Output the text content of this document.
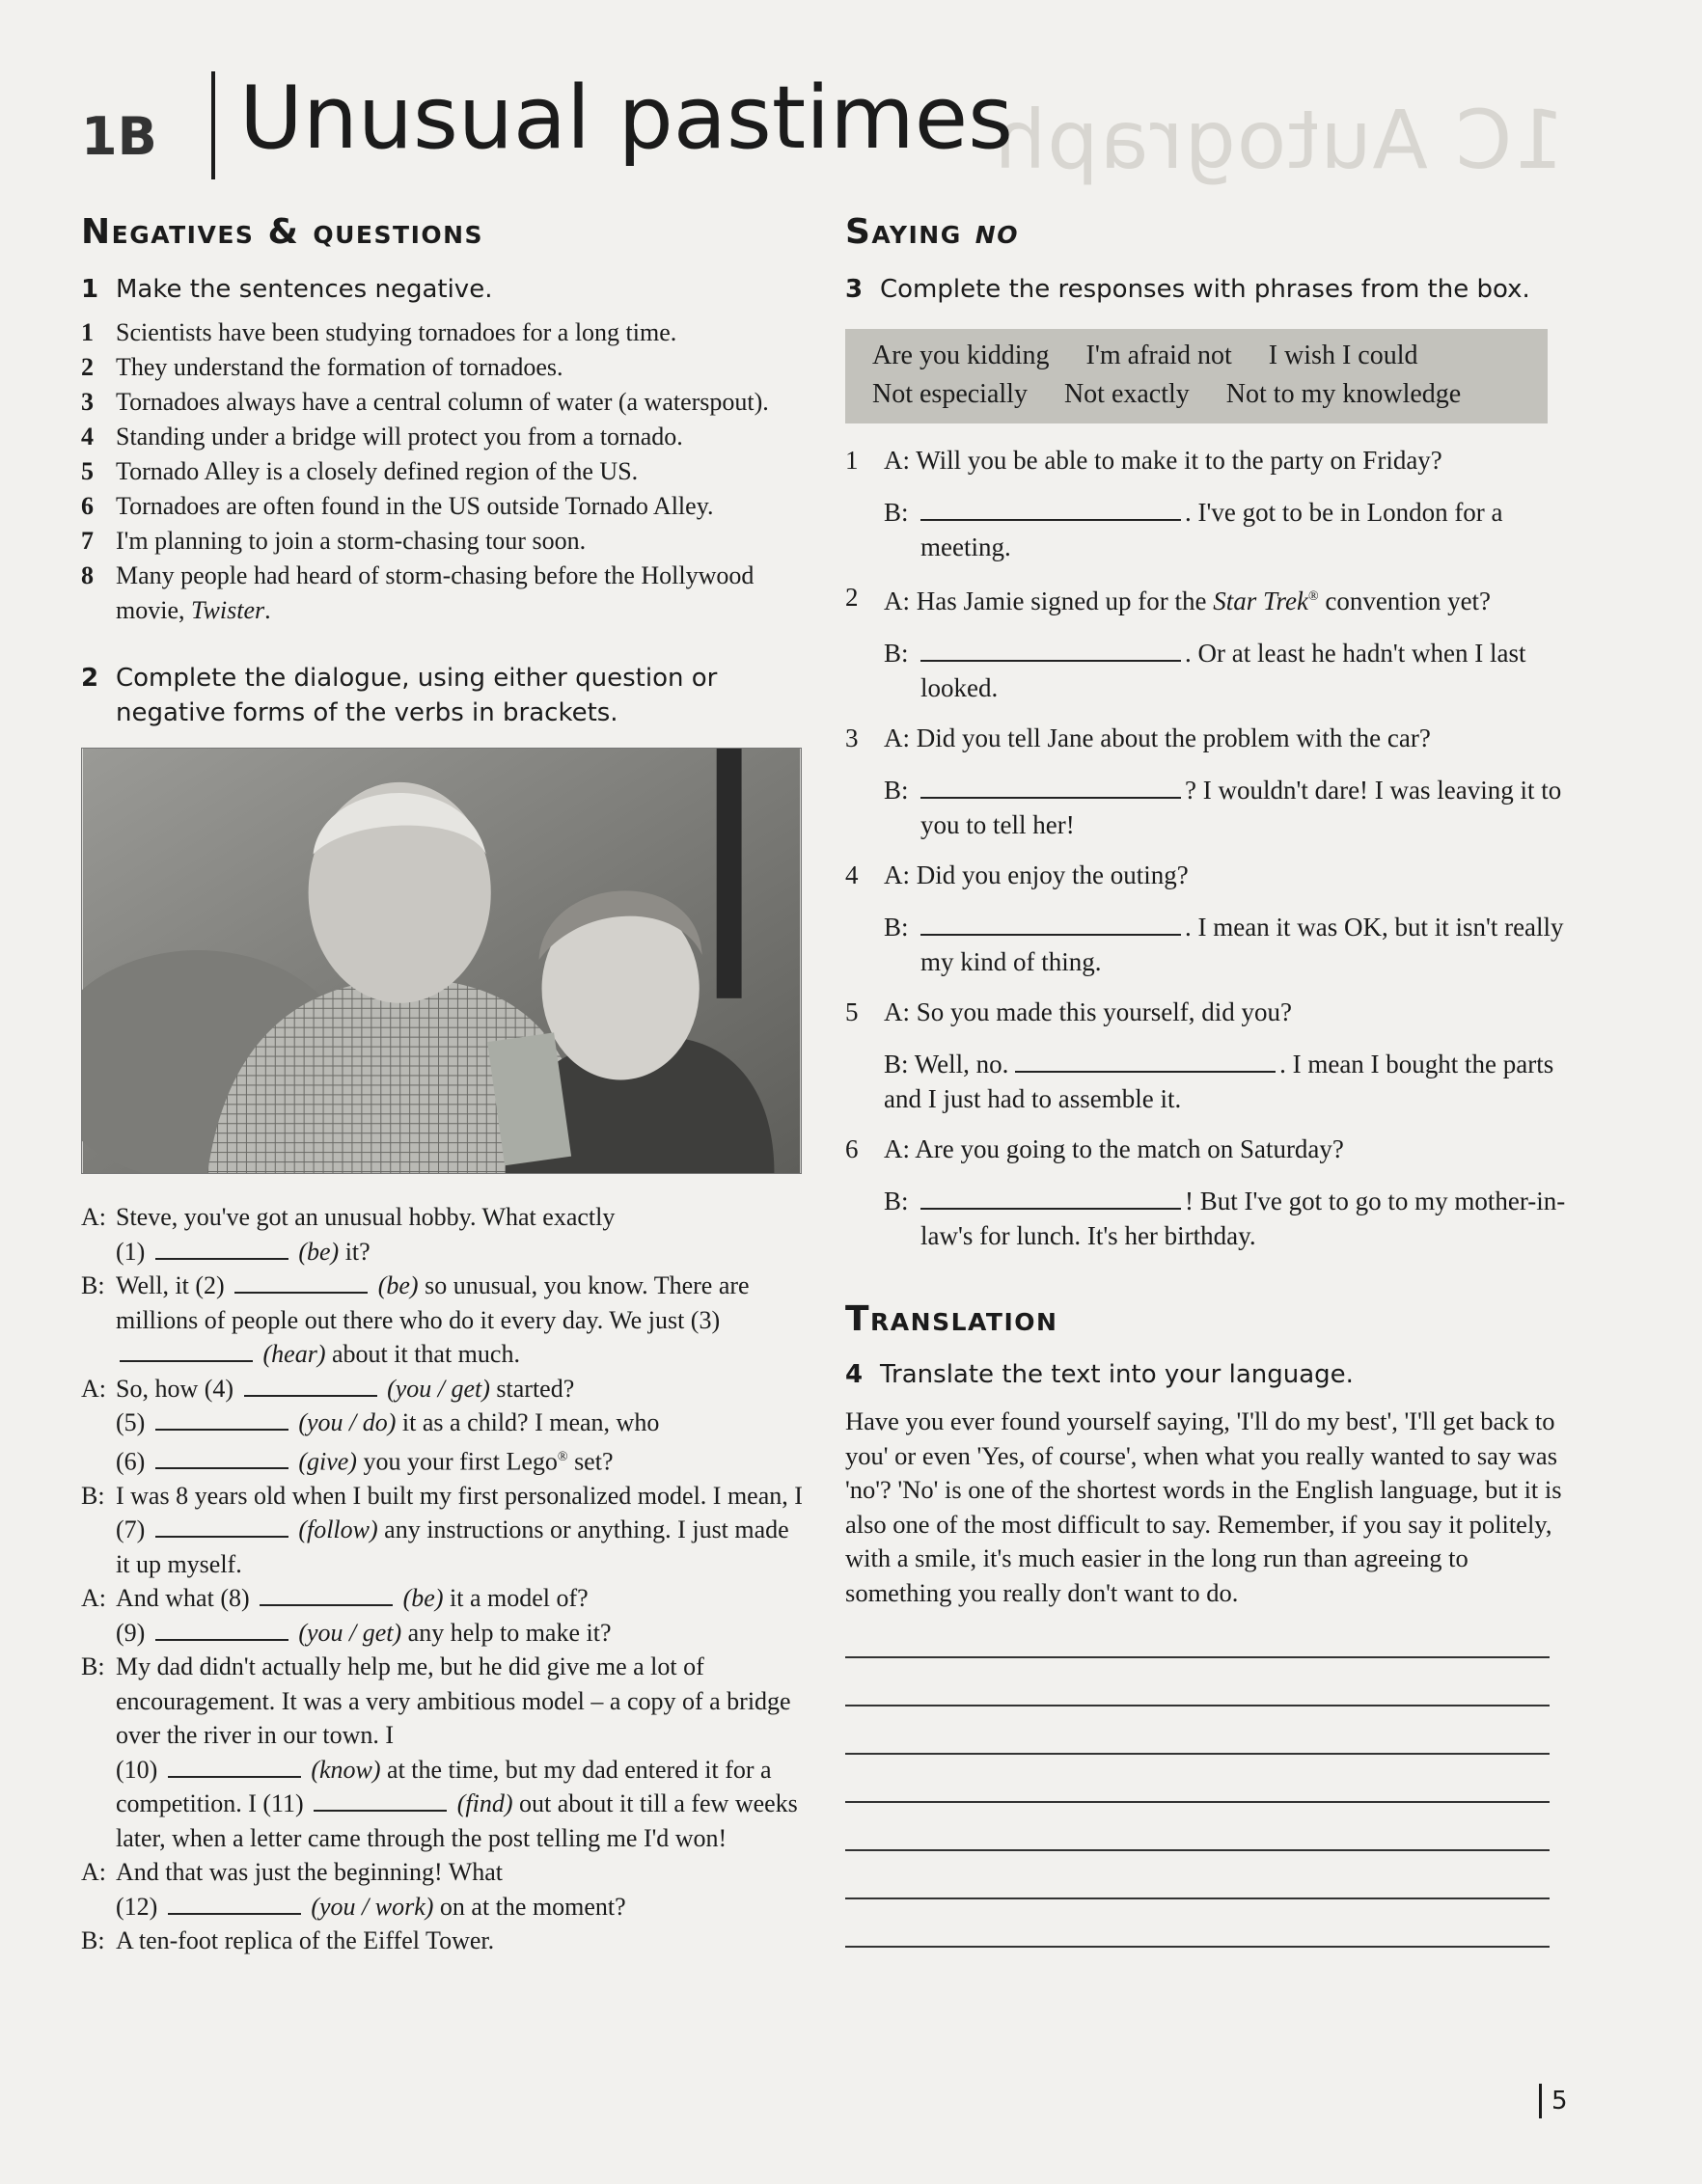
1C Autograph
1B Unusual pastimes
Negatives & questions
1 Make the sentences negative.
1 Scientists have been studying tornadoes for a long time.
2 They understand the formation of tornadoes.
3 Tornadoes always have a central column of water (a waterspout).
4 Standing under a bridge will protect you from a tornado.
5 Tornado Alley is a closely defined region of the US.
6 Tornadoes are often found in the US outside Tornado Alley.
7 I'm planning to join a storm-chasing tour soon.
8 Many people had heard of storm-chasing before the Hollywood movie, Twister.
2 Complete the dialogue, using either question or negative forms of the verbs in brackets.
A: Steve, you've got an unusual hobby. What exactly
(1)	(be) it?
B: Well, it (2)	(be) so unusual, you know. There are millions of people out there who do it every day. We just (3)  (hear) about it that much.
A: So, how (4)	(you / get) started?
(5)	(you / do) it as a child? I mean, who
(6)	(give) you your first Lego® set?
B: I was 8 years old when I built my first personalized model. I mean, I (7)	(follow) any instructions or anything. I just made it up myself.
A: And what (8)	(be) it a model of?
(9)	(you / get) any help to make it?
B: My dad didn't actually help me, but he did give me a lot of encouragement. It was a very ambitious model – a copy of a bridge over the river in our town. I
(10)	(know) at the time, but my dad entered it for a competition. I (11)	(find) out about it till a few weeks later, when a letter came through the post telling me I'd won!
A: And that was just the beginning! What
(12)	(you / work) on at the moment?
B: A ten-foot replica of the Eiffel Tower.
Saying no
3 Complete the responses with phrases from the box.
Are you kidding I'm afraid not I wish I could
Not especially Not exactly Not to my knowledge
1 A: Will you be able to make it to the party on Friday?
B:	. I've got to be in London for a meeting.
2 A: Has Jamie signed up for the Star Trek® convention yet?
B:	. Or at least he hadn't when I last looked.
3 A: Did you tell Jane about the problem with the car?
B:	? I wouldn't dare! I was leaving it to you to tell her!
4 A: Did you enjoy the outing?
B:	. I mean it was OK, but it isn't really my kind of thing.
5 A: So you made this yourself, did you?
B: Well, no.	. I mean I bought the parts and I just had to assemble it.
6 A: Are you going to the match on Saturday?
B:	! But I've got to go to my mother-in-law's for lunch. It's her birthday.
Translation
4 Translate the text into your language.

Have you ever found yourself saying, 'I'll do my best', 'I'll get back to you' or even 'Yes, of course', when what you really wanted to say was 'no'? 'No' is one of the shortest words in the English language, but it is also one of the most difficult to say. Remember, if you say it politely, with a smile, it's much easier in the long run than agreeing to something you really don't want to do.

5
